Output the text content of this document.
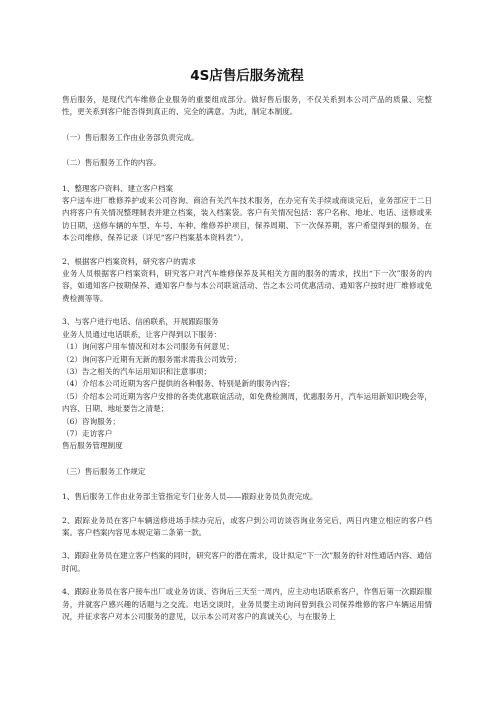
4S店售后服务流程

售后服务，是现代汽车维修企业服务的重要组成部分。做好售后服务，不仅关系到本公司产品的质量、完整性，更关系到客户能否得到真正的、完全的满意。为此，制定本制度。

（一）售后服务工作由业务部负责完成。

（二）售后服务工作的内容。

1、整理客户资料、建立客户档案

客户送车进厂维修养护或来公司咨询、商洽有关汽车技术服务，在办完有关手续或商谈完后，业务部应于二日内将客户有关情况整理制表并建立档案，装入档案袋。客户有关情况包括：客户名称、地址、电话、送修或来访日期，送修车辆的车型、车号、车种、维修养护项目，保养周期、下一次保养期，客户希望得到的服务，在本公司维修、保养记录（详见“客户档案基本资料表”）。

2、根据客户档案资料，研究客户的需求

业务人员根据客户档案资料，研究客户对汽车维修保养及其相关方面的服务的需求，找出“下一次”服务的内容，如通知客户按期保养、通知客户参与本公司联谊活动、告之本公司优惠活动、通知客户按时进厂维修或免费检测等等。

3、与客户进行电话、信函联系，开展跟踪服务

业务人员通过电话联系，让客户得到以下服务：

（1）询问客户用车情况和对本公司服务有何意见；

（2）询问客户近期有无新的服务需求需我公司效劳；

（3）告之相关的汽车运用知识和注意事项；

（4）介绍本公司近期为客户提供的各种服务、特别是新的服务内容；

（5）介绍本公司近期为客户安排的各类优惠联谊活动，如免费检测周，优惠服务月，汽车运用新知识晚会等，内容、日期、地址要告之清楚；

（6）咨询服务；

（7）走访客户

售后服务管理制度

（三）售后服务工作规定

1、售后服务工作由业务部主管指定专门业务人员——跟踪业务员负责完成。

2、跟踪业务员在客户车辆送修进场手续办完后，或客户到公司访谈咨询业务完后，两日内建立相应的客户档案。客户档案内容见本规定第二条第一款。

3、跟踪业务员在建立客户档案的同时，研究客户的潜在需求，设计拟定“下一次”服务的针对性通话内容、通信时间。

4、跟踪业务员在客户接车出厂或业务访谈、咨询后三天至一周内，应主动电话联系客户，作售后第一次跟踪服务，并就客户感兴趣的话题与之交流。电话交谈时，业务员要主动询问曾到我公司保养维修的客户车辆运用情况，并征求客户对本公司服务的意见，以示本公司对客户的真诚关心，与在服务上
